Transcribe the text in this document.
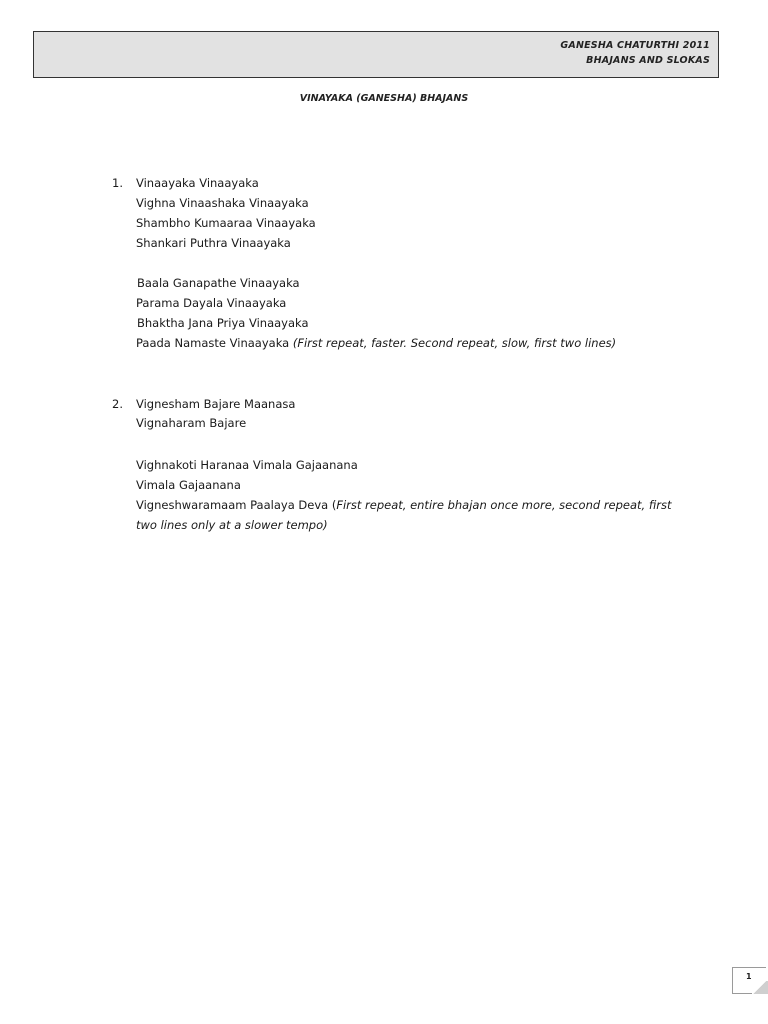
GANESHA CHATURTHI 2011
BHAJANS AND SLOKAS
VINAYAKA (GANESHA) BHAJANS
1. Vinaayaka Vinaayaka
Vighna Vinaashaka Vinaayaka
Shambho Kumaaraa Vinaayaka
Shankari Puthra Vinaayaka
Baala Ganapathe Vinaayaka
Parama Dayala Vinaayaka
Bhaktha Jana Priya Vinaayaka
Paada Namaste Vinaayaka (First repeat, faster. Second repeat, slow, first two lines)
2. Vignesham Bajare Maanasa
Vignaharam Bajare
Vighnakoti Haranaa Vimala Gajaanana
Vimala Gajaanana
Vigneshwaramaam Paalaya Deva (First repeat, entire bhajan once more, second repeat, first
two lines only at a slower tempo)
1
